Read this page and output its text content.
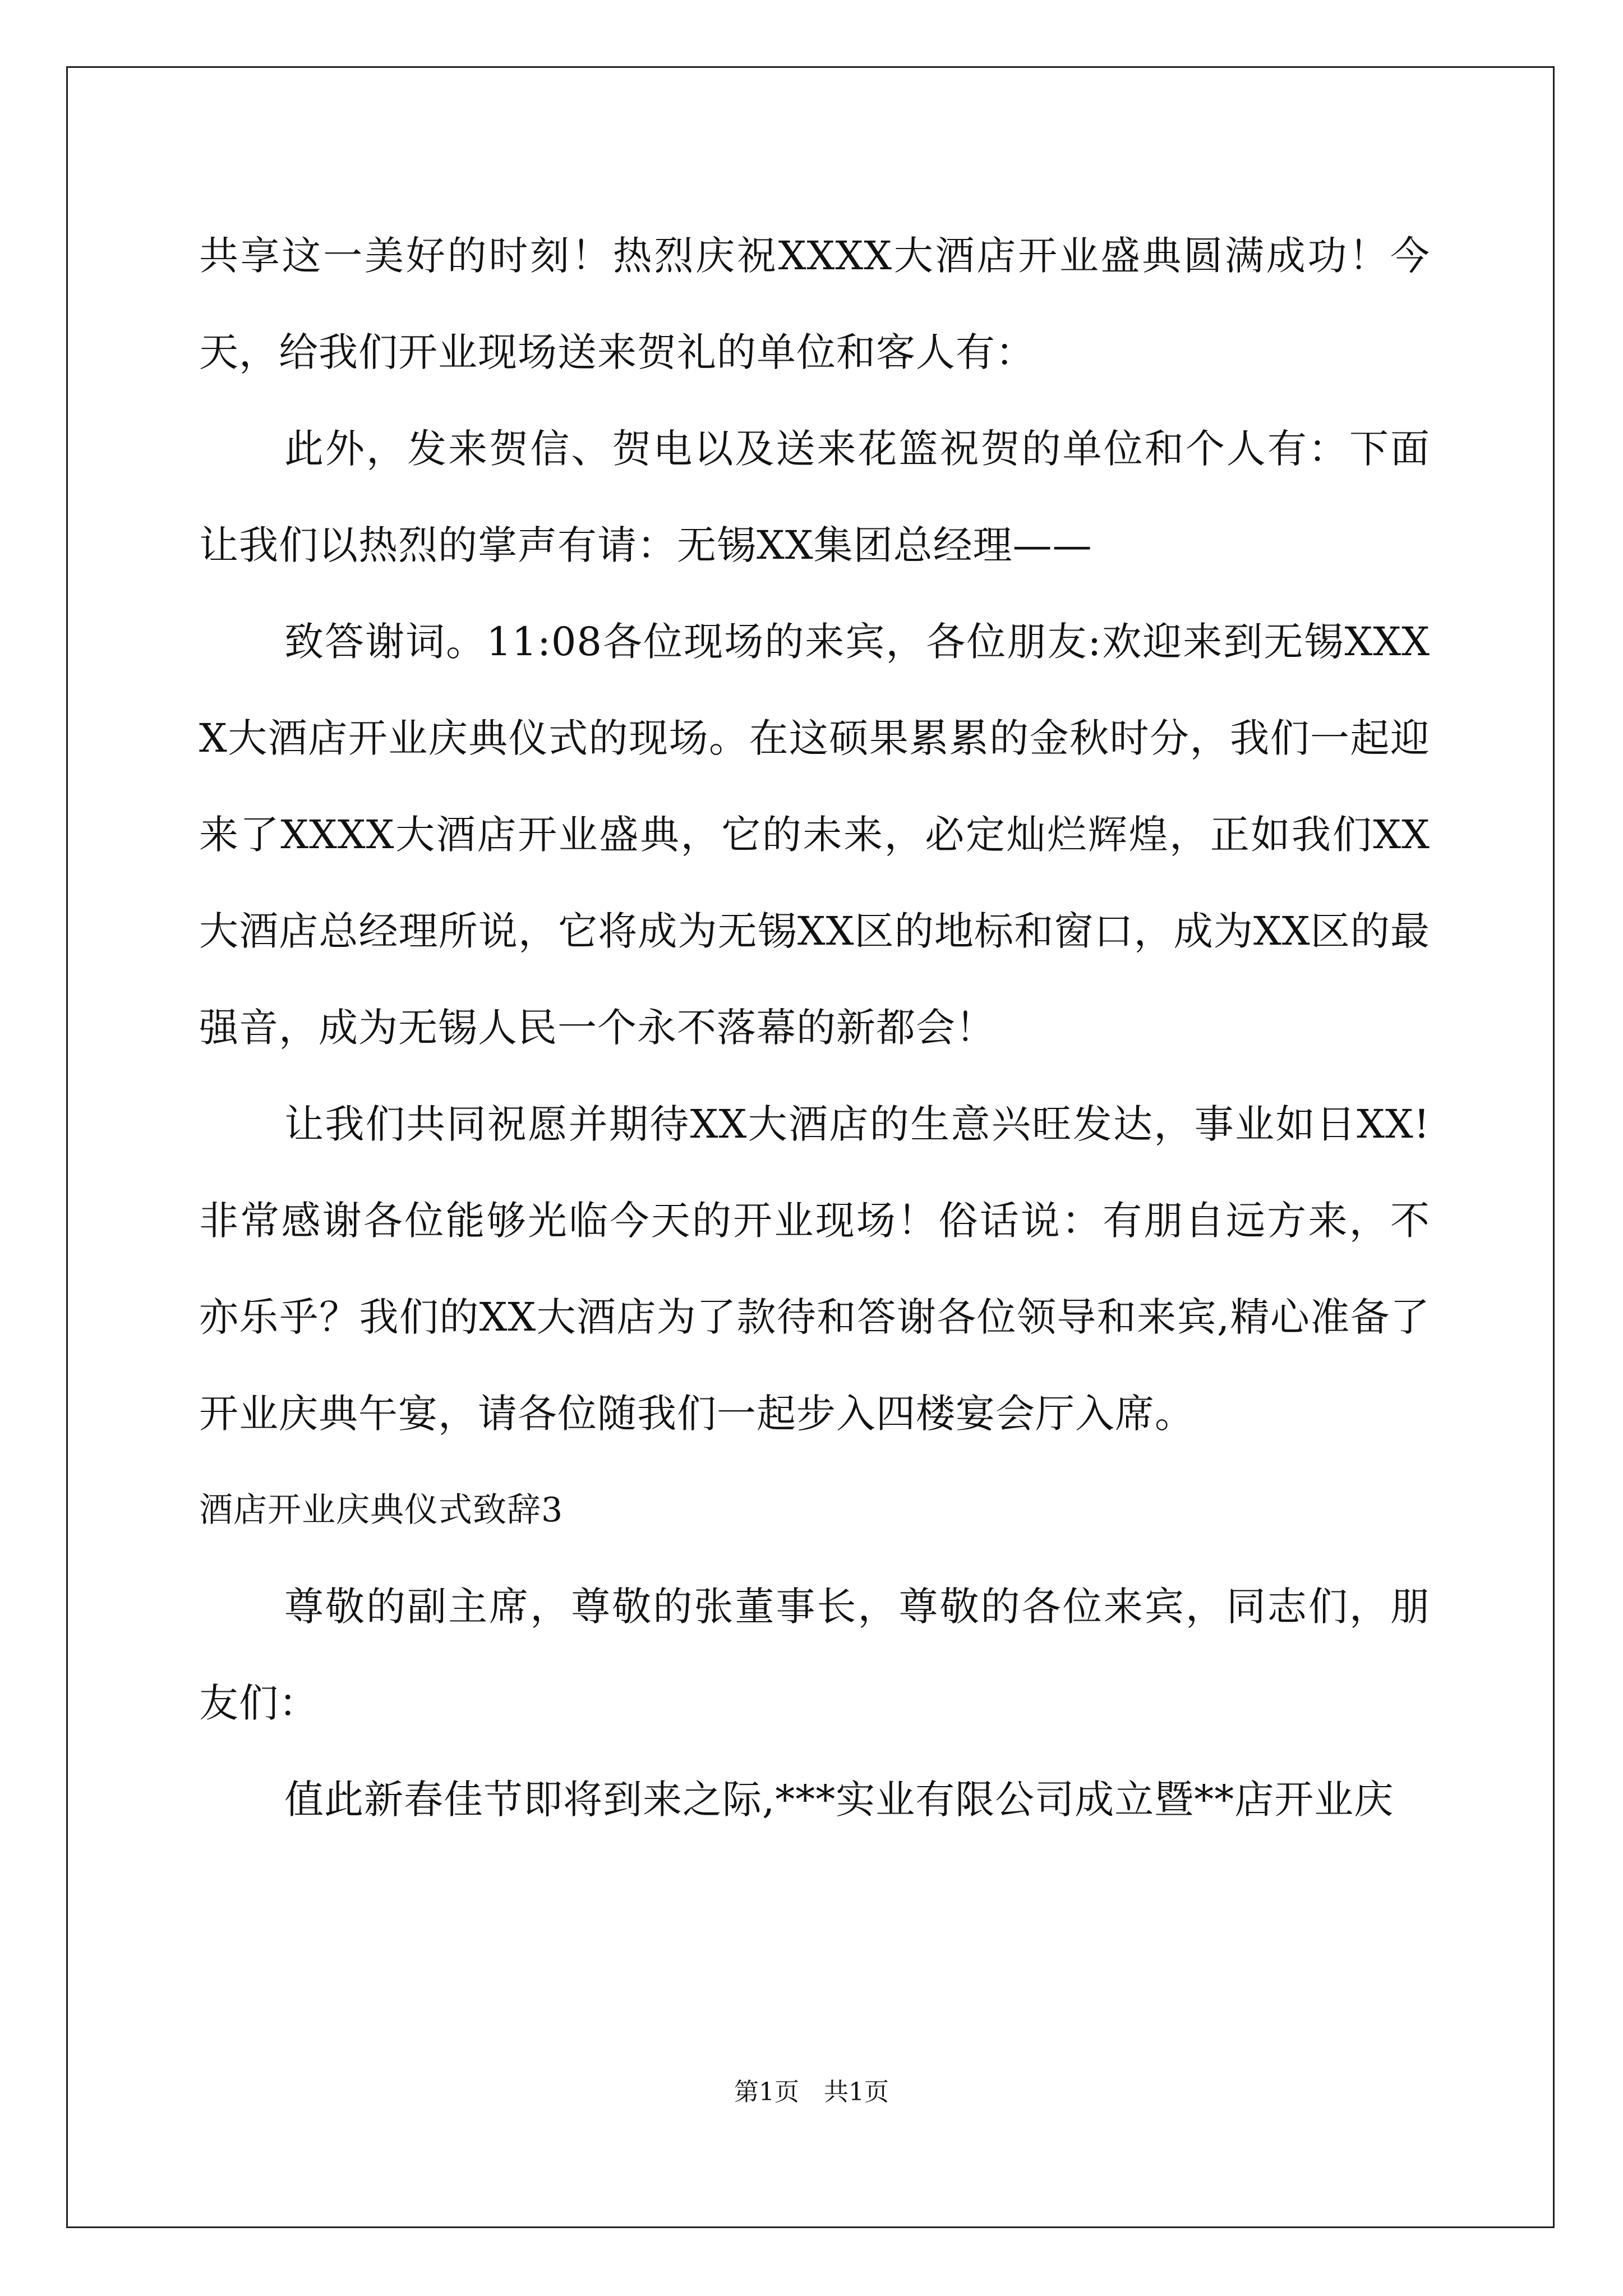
共享这一美好的时刻！热烈庆祝XXXX大酒店开业盛典圆满成功！今天，给我们开业现场送来贺礼的单位和客人有：

此外，发来贺信、贺电以及送来花篮祝贺的单位和个人有：下面让我们以热烈的掌声有请：无锡XX集团总经理——

致答谢词。11:08各位现场的来宾，各位朋友:欢迎来到无锡XXXX大酒店开业庆典仪式的现场。在这硕果累累的金秋时分，我们一起迎来了XXXX大酒店开业盛典，它的未来，必定灿烂辉煌，正如我们XX大酒店总经理所说，它将成为无锡XX区的地标和窗口，成为XX区的最强音，成为无锡人民一个永不落幕的新都会！

让我们共同祝愿并期待XX大酒店的生意兴旺发达，事业如日XX!非常感谢各位能够光临今天的开业现场！俗话说：有朋自远方来，不亦乐乎？我们的XX大酒店为了款待和答谢各位领导和来宾,精心准备了开业庆典午宴，请各位随我们一起步入四楼宴会厅入席。

酒店开业庆典仪式致辞3

尊敬的副主席，尊敬的张董事长，尊敬的各位来宾，同志们，朋友们：

值此新春佳节即将到来之际,***实业有限公司成立暨**店开业庆

第1页 共1页
